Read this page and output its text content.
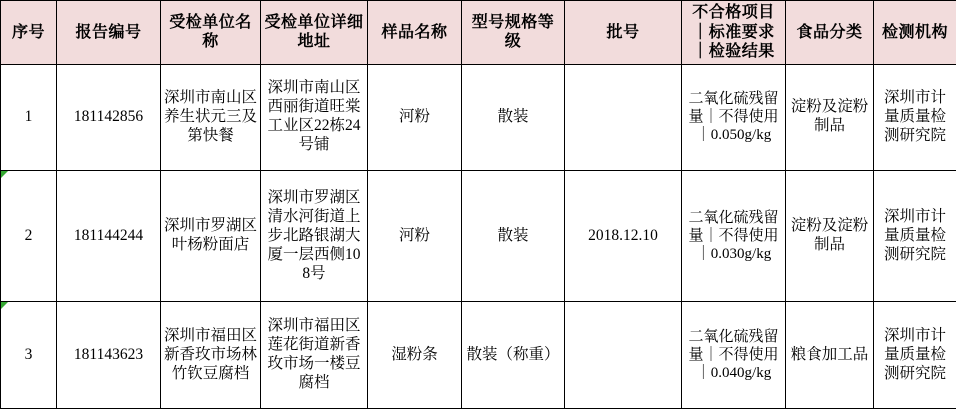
序号	报告编号	受检单位名称	受检单位详细地址	样品名称	型号规格等级	批号	不合格项目｜标准要求｜检验结果	食品分类	检测机构
1	181142856	深圳市南山区养生状元三及第快餐	深圳市南山区西丽街道旺棠工业区22栋24号铺	河粉	散装		二氧化硫残留量｜不得使用 ｜0.050g/kg	淀粉及淀粉制品	深圳市计量质量检测研究院
2	181144244	深圳市罗湖区叶杨粉面店	深圳市罗湖区清水河街道上步北路银湖大厦一层西侧108号	河粉	散装	2018.12.10	二氧化硫残留量｜不得使用 ｜0.030g/kg	淀粉及淀粉制品	深圳市计量质量检测研究院
3	181143623	深圳市福田区新香玫市场林竹钦豆腐档	深圳市福田区莲花街道新香玫市场一楼豆腐档	湿粉条	散装（称重）		二氧化硫残留量｜不得使用 ｜0.040g/kg	粮食加工品	深圳市计量质量检测研究院
